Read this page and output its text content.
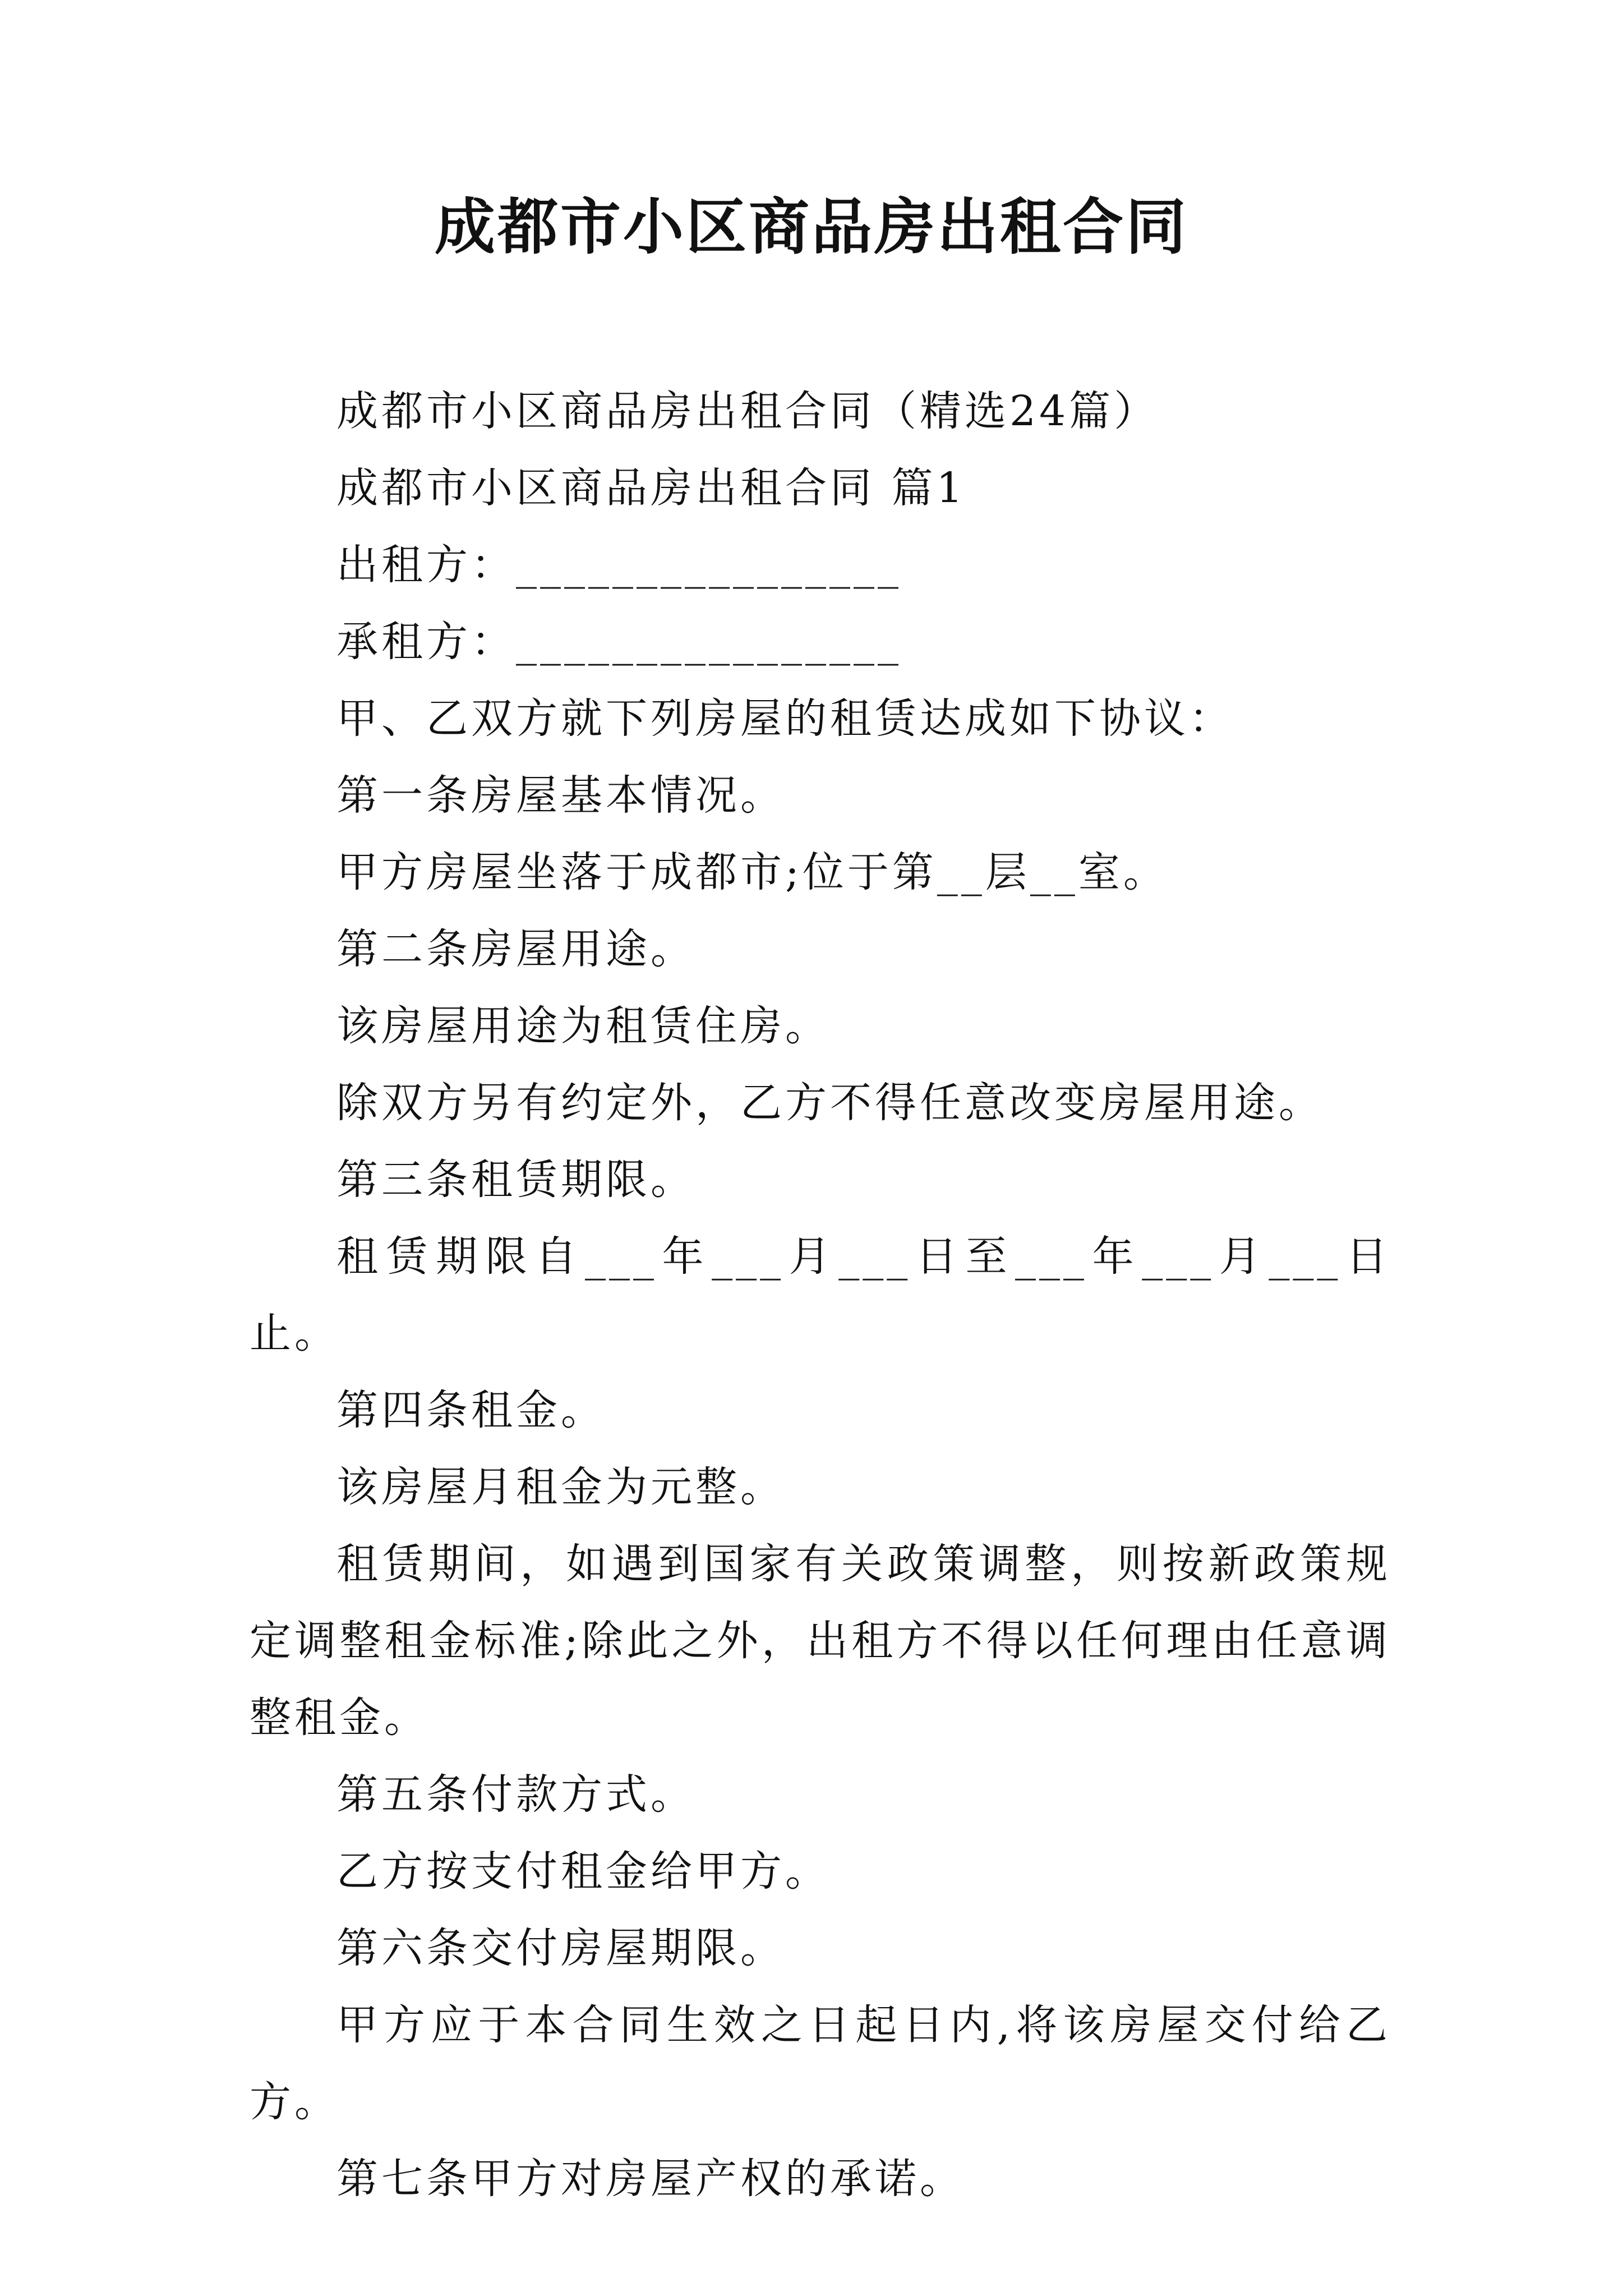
成都市小区商品房出租合同

成都市小区商品房出租合同（精选24篇）

成都市小区商品房出租合同 篇1

出租方：________________

承租方：________________

甲、乙双方就下列房屋的租赁达成如下协议：

第一条房屋基本情况。

甲方房屋坐落于成都市;位于第__层__室。

第二条房屋用途。

该房屋用途为租赁住房。

除双方另有约定外，乙方不得任意改变房屋用途。

第三条租赁期限。

租赁期限自___年___月___日至___年___月___日止。

第四条租金。

该房屋月租金为元整。

租赁期间，如遇到国家有关政策调整，则按新政策规定调整租金标准;除此之外，出租方不得以任何理由任意调整租金。

第五条付款方式。

乙方按支付租金给甲方。

第六条交付房屋期限。

甲方应于本合同生效之日起日内,将该房屋交付给乙方。

第七条甲方对房屋产权的承诺。
